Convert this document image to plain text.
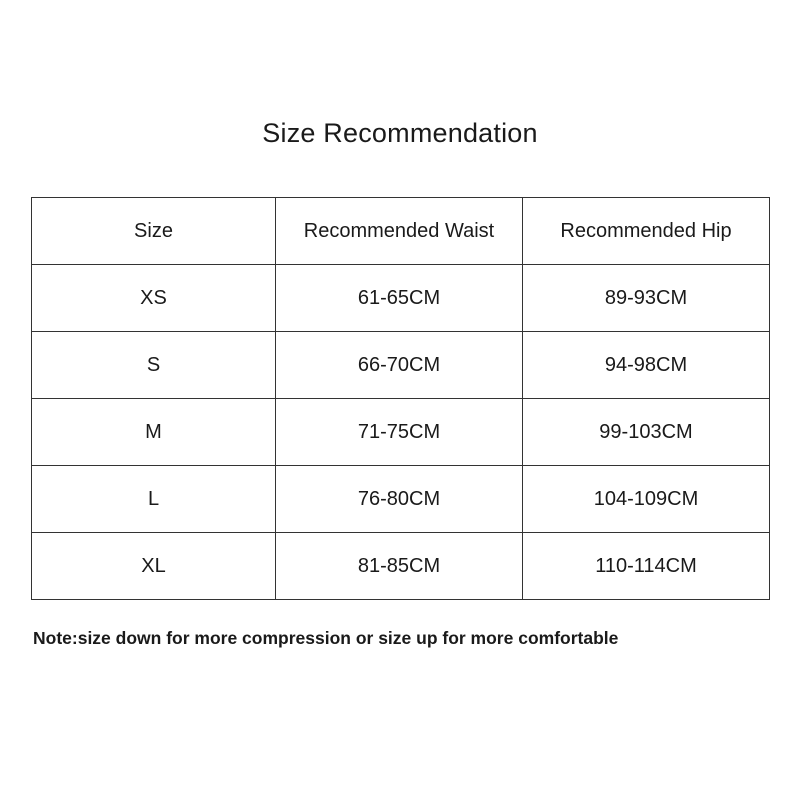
Size Recommendation
Size	Recommended Waist	Recommended Hip
XS	61-65CM	89-93CM
S	66-70CM	94-98CM
M	71-75CM	99-103CM
L	76-80CM	104-109CM
XL	81-85CM	110-114CM
Note:size down for more compression or size up for more comfortable
